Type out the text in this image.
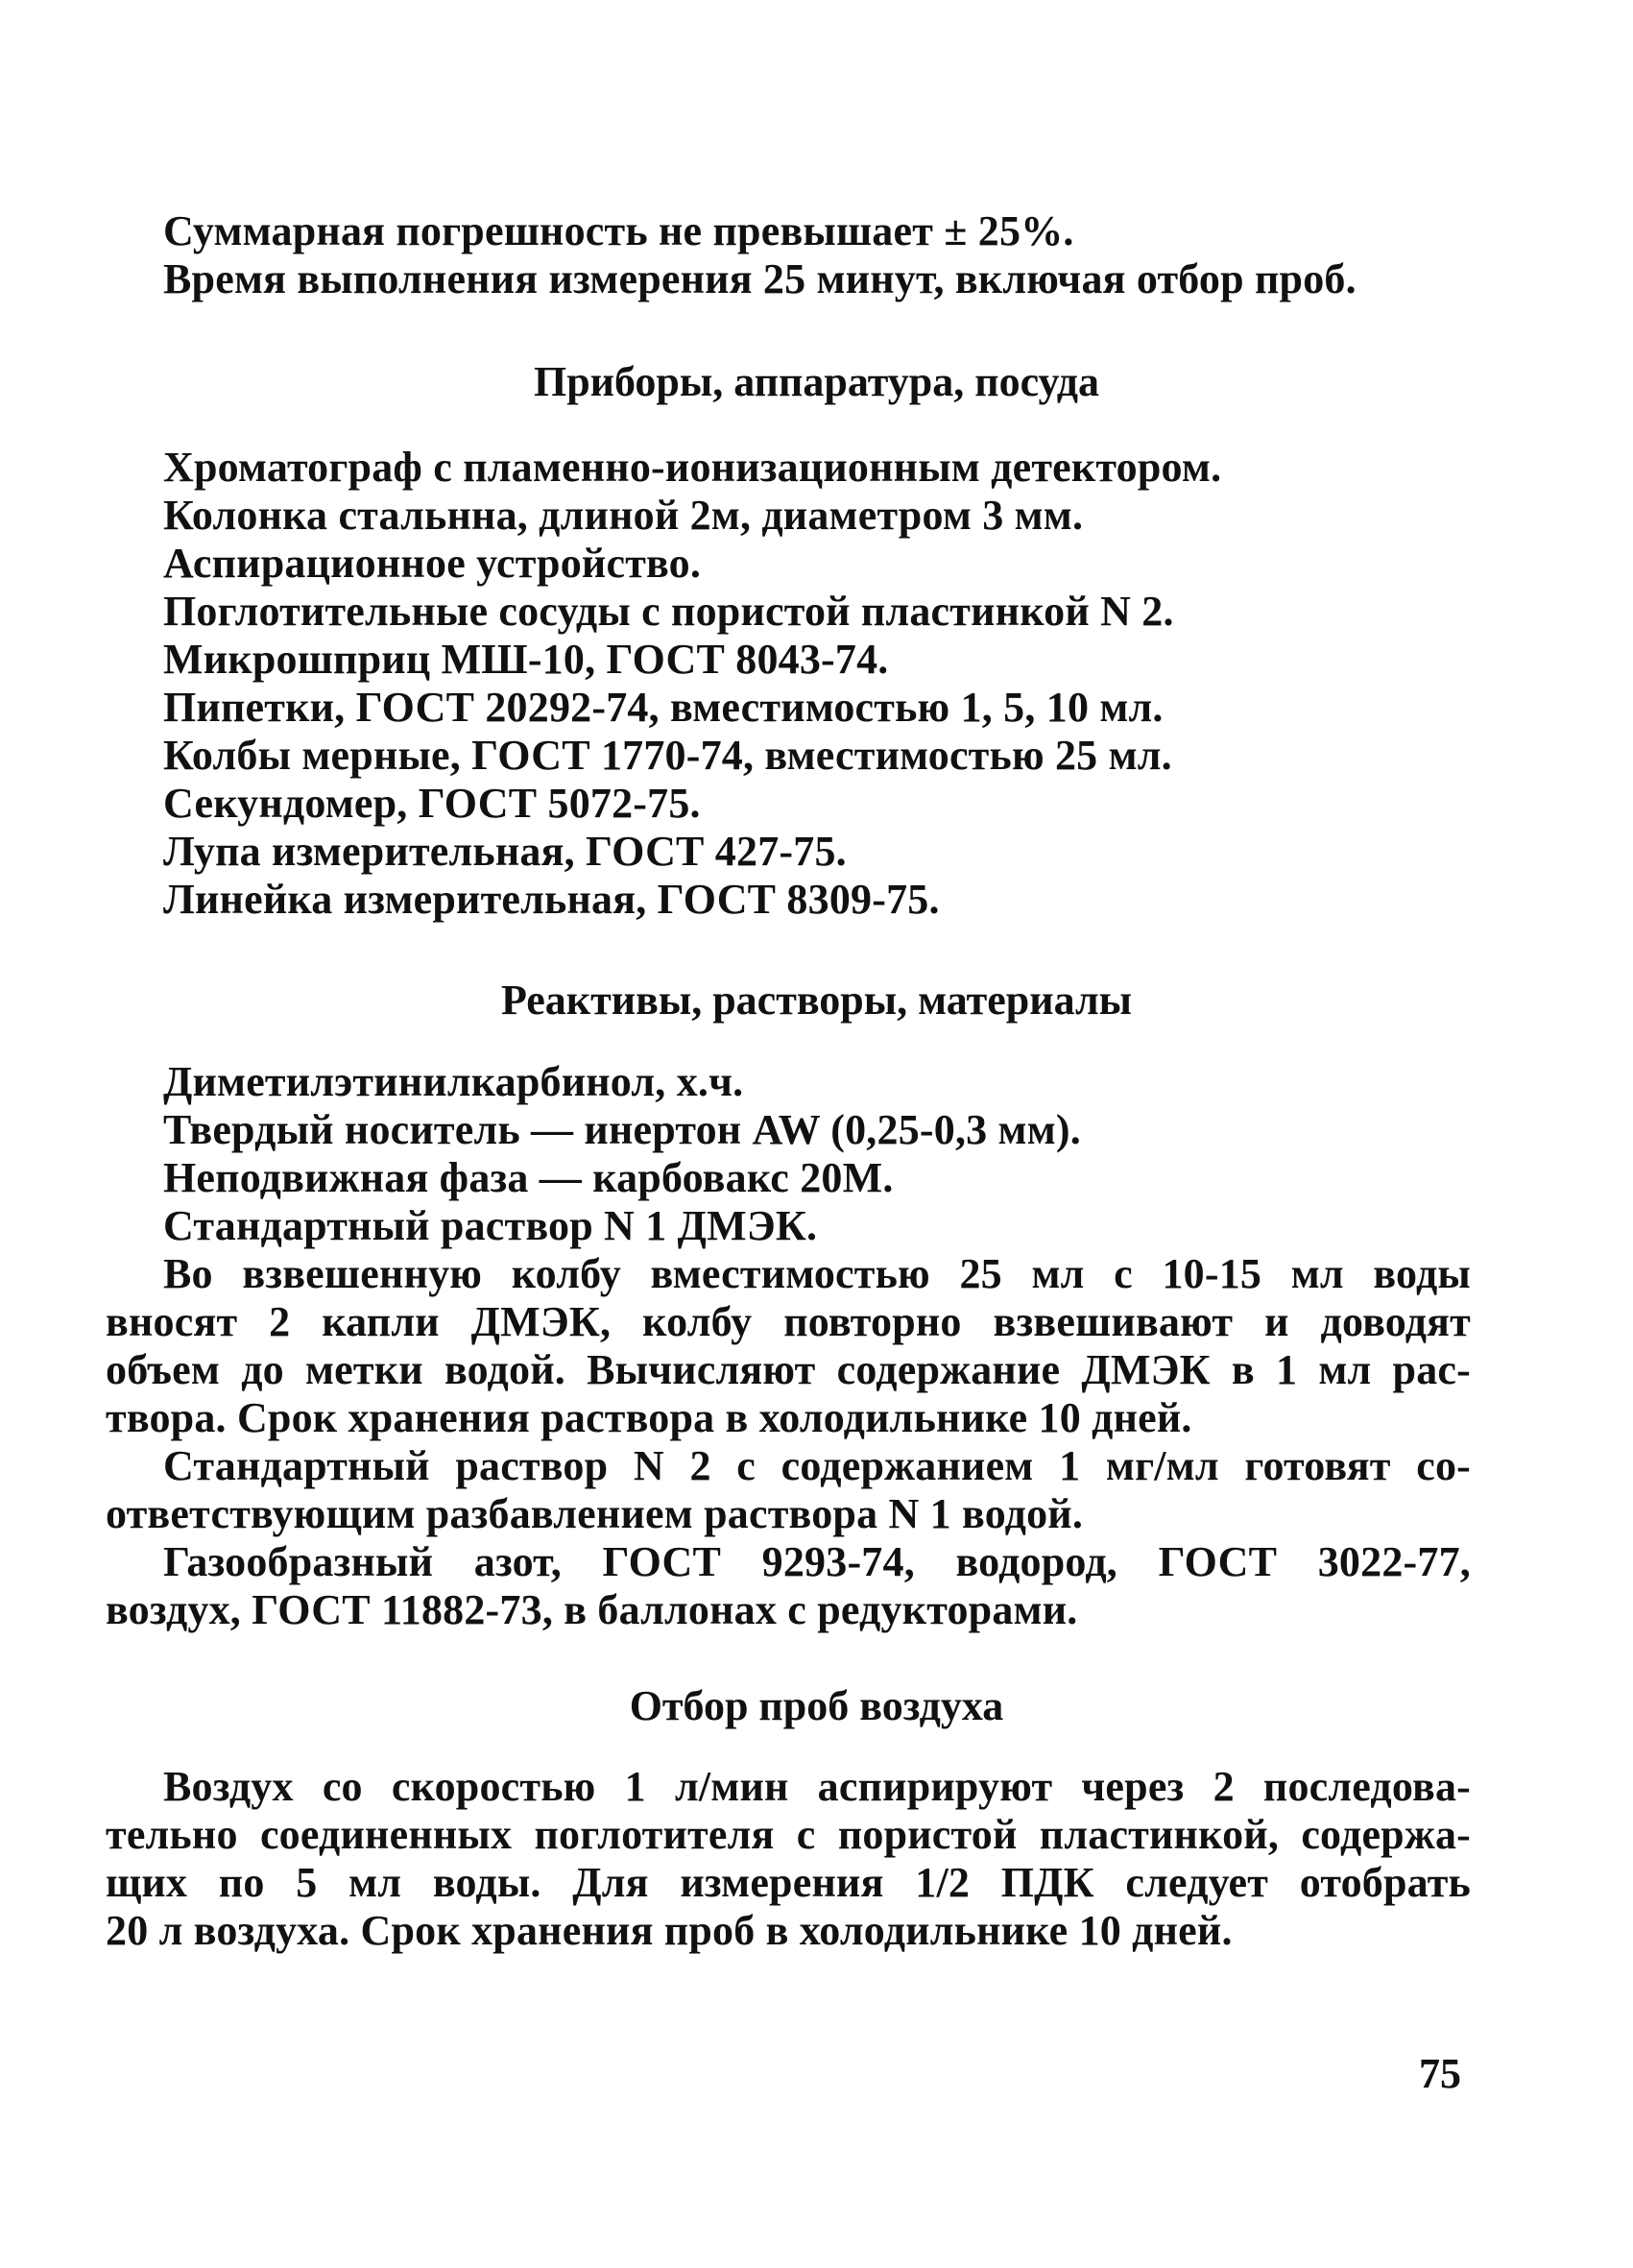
Суммарная погрешность не превышает ± 25%.
Время выполнения измерения 25 минут, включая отбор проб.
Приборы, аппаратура, посуда
Хроматограф с пламенно-ионизационным детектором.
Колонка стальнна, длиной 2м, диаметром 3 мм.
Аспирационное устройство.
Поглотительные сосуды с пористой пластинкой N 2.
Микрошприц МШ-10, ГОСТ 8043-74.
Пипетки, ГОСТ 20292-74, вместимостью 1, 5, 10 мл.
Колбы мерные, ГОСТ 1770-74, вместимостью 25 мл.
Секундомер, ГОСТ 5072-75.
Лупа измерительная, ГОСТ 427-75.
Линейка измерительная, ГОСТ 8309-75.
Реактивы, растворы, материалы
Диметилэтинилкарбинол, х.ч.
Твердый носитель — инертон AW (0,25-0,3 мм).
Неподвижная фаза — карбовакс 20М.
Стандартный раствор N 1 ДМЭК.
Во взвешенную колбу вместимостью 25 мл с 10-15 мл воды
вносят 2 капли ДМЭК, колбу повторно взвешивают и доводят
объем до метки водой. Вычисляют содержание ДМЭК в 1 мл рас-
твора. Срок хранения раствора в холодильнике 10 дней.
Стандартный раствор N 2 с содержанием 1 мг/мл готовят со-
ответствующим разбавлением раствора N 1 водой.
Газообразный азот, ГОСТ 9293-74, водород, ГОСТ 3022-77,
воздух, ГОСТ 11882-73, в баллонах с редукторами.
Отбор проб воздуха
Воздух со скоростью 1 л/мин аспирируют через 2 последова-
тельно соединенных поглотителя с пористой пластинкой, содержа-
щих по 5 мл воды. Для измерения 1/2 ПДК следует отобрать
20 л воздуха. Срок хранения проб в холодильнике 10 дней.
75
